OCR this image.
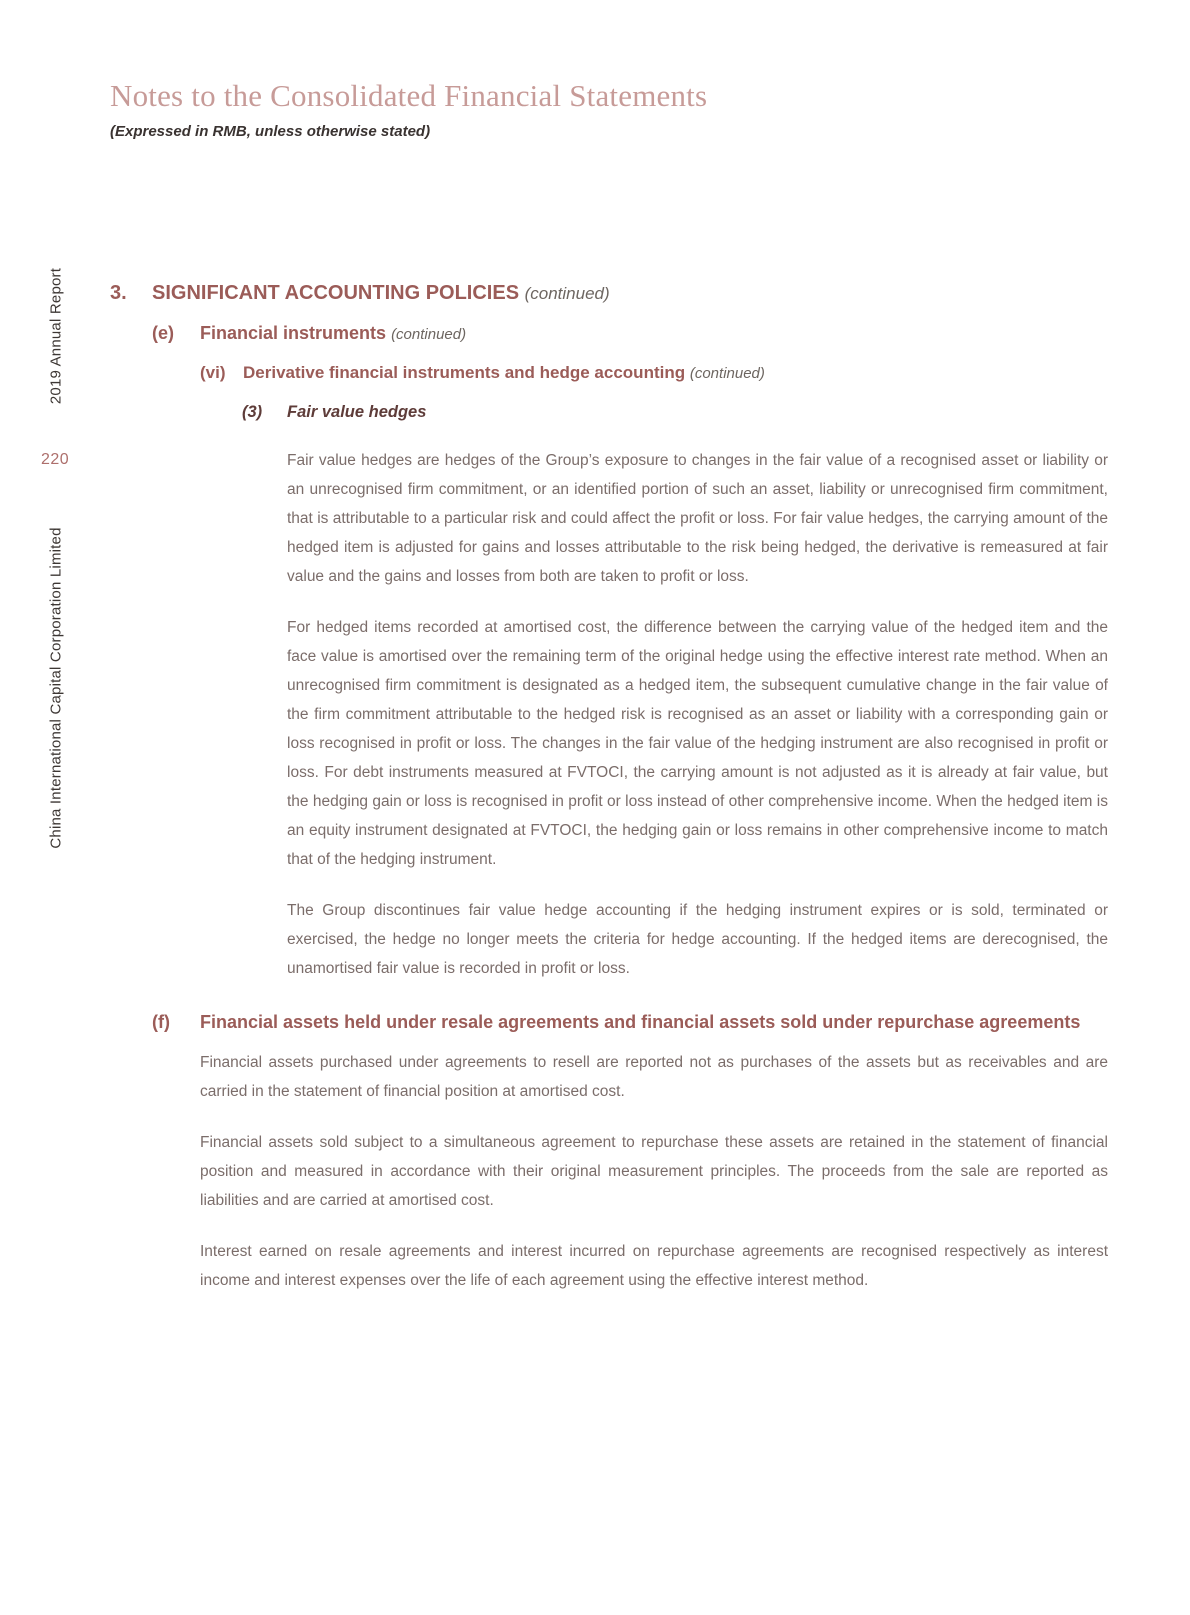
2019 Annual Report
220
China International Capital Corporation Limited
Notes to the Consolidated Financial Statements
(Expressed in RMB, unless otherwise stated)
3.	SIGNIFICANT ACCOUNTING POLICIES (continued)
(e)	Financial instruments (continued)
(vi)	Derivative financial instruments and hedge accounting (continued)
(3)	Fair value hedges

Fair value hedges are hedges of the Group’s exposure to changes in the fair value of a recognised asset or liability or an unrecognised firm commitment, or an identified portion of such an asset, liability or unrecognised firm commitment, that is attributable to a particular risk and could affect the profit or loss. For fair value hedges, the carrying amount of the hedged item is adjusted for gains and losses attributable to the risk being hedged, the derivative is remeasured at fair value and the gains and losses from both are taken to profit or loss.

For hedged items recorded at amortised cost, the difference between the carrying value of the hedged item and the face value is amortised over the remaining term of the original hedge using the effective interest rate method. When an unrecognised firm commitment is designated as a hedged item, the subsequent cumulative change in the fair value of the firm commitment attributable to the hedged risk is recognised as an asset or liability with a corresponding gain or loss recognised in profit or loss. The changes in the fair value of the hedging instrument are also recognised in profit or loss. For debt instruments measured at FVTOCI, the carrying amount is not adjusted as it is already at fair value, but the hedging gain or loss is recognised in profit or loss instead of other comprehensive income. When the hedged item is an equity instrument designated at FVTOCI, the hedging gain or loss remains in other comprehensive income to match that of the hedging instrument.

The Group discontinues fair value hedge accounting if the hedging instrument expires or is sold, terminated or exercised, the hedge no longer meets the criteria for hedge accounting. If the hedged items are derecognised, the unamortised fair value is recorded in profit or loss.

(f)	Financial assets held under resale agreements and financial assets sold under repurchase agreements

Financial assets purchased under agreements to resell are reported not as purchases of the assets but as receivables and are carried in the statement of financial position at amortised cost.

Financial assets sold subject to a simultaneous agreement to repurchase these assets are retained in the statement of financial position and measured in accordance with their original measurement principles. The proceeds from the sale are reported as liabilities and are carried at amortised cost.

Interest earned on resale agreements and interest incurred on repurchase agreements are recognised respectively as interest income and interest expenses over the life of each agreement using the effective interest method.
